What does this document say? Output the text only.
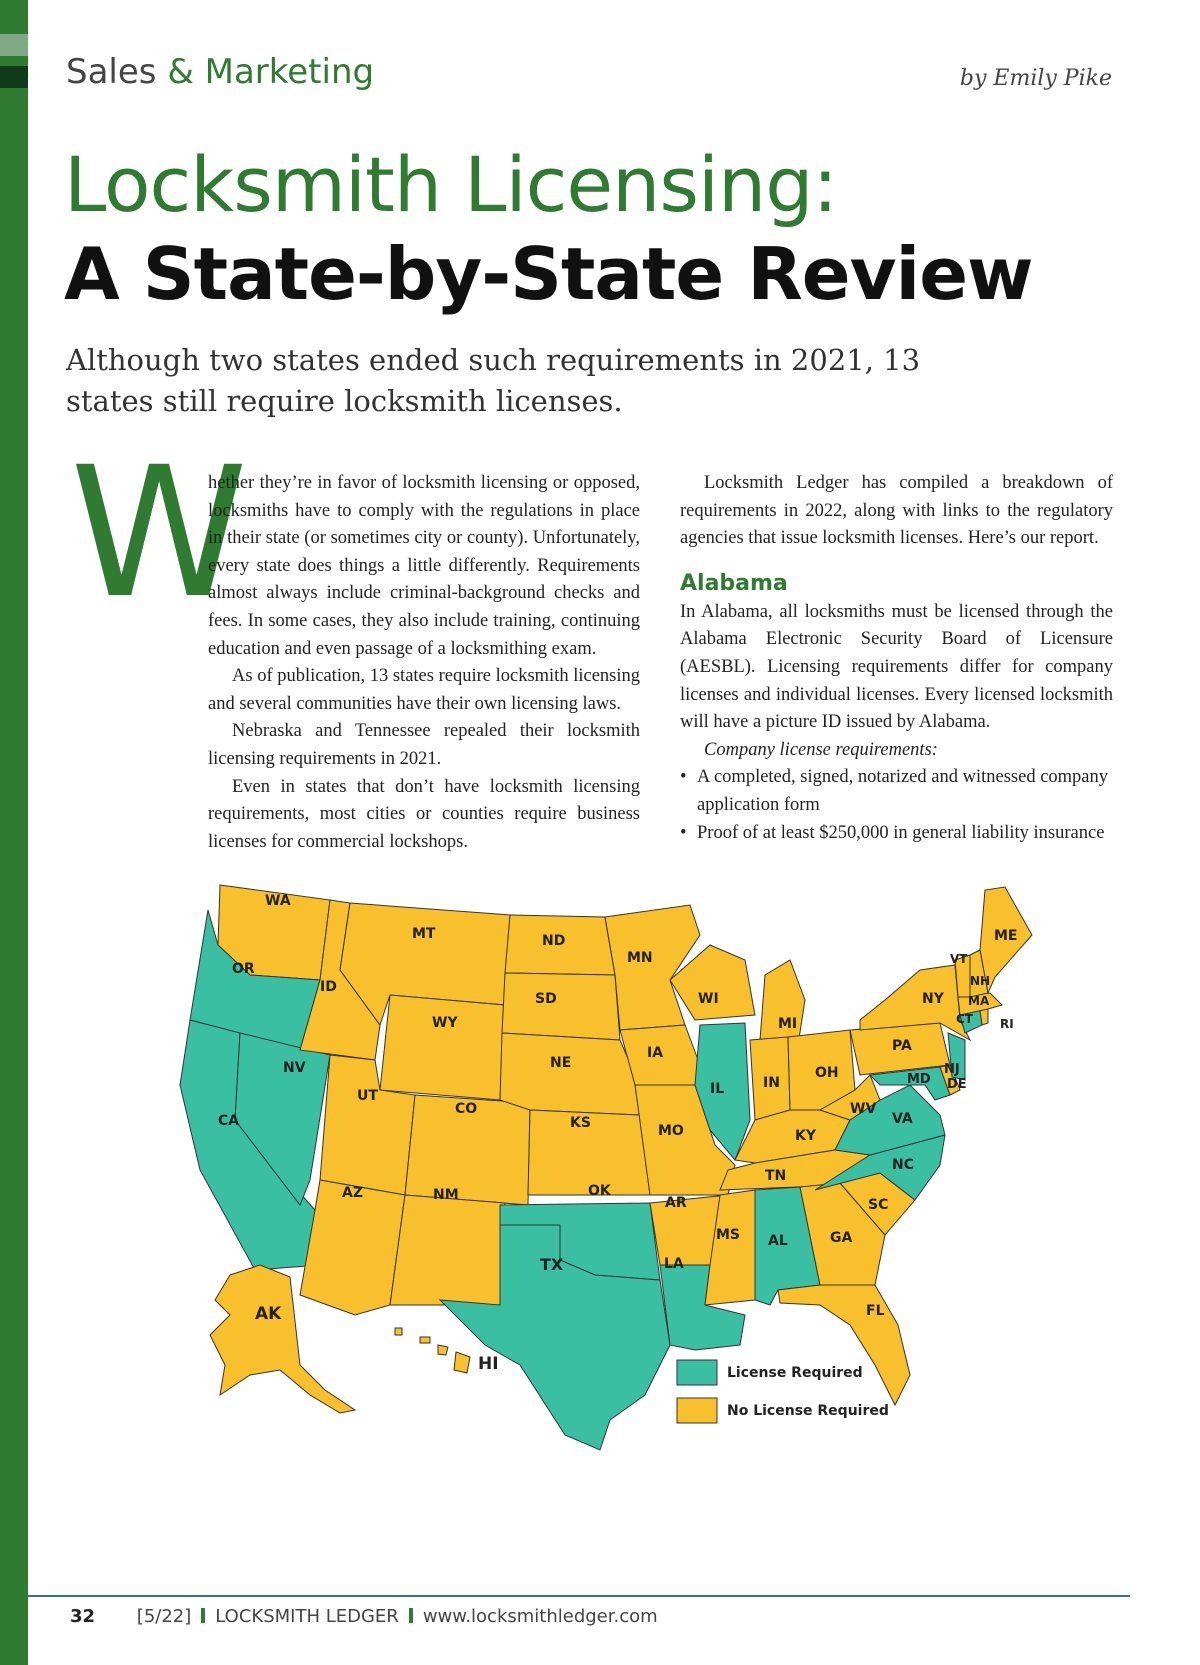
Sales & Marketing	by Emily Pike
Locksmith Licensing:
A State-by-State Review
Although two states ended such requirements in 2021, 13 states still require locksmith licenses.
W

hether they’re in favor of locksmith licensing or opposed, locksmiths have to comply with the regulations in place in their state (or sometimes city or county). Unfortunately, every state does things a little differently. Requirements almost always include criminal-background checks and fees. In some cases, they also include training, continuing education and even passage of a locksmithing exam.

As of publication, 13 states require locksmith licensing and several communities have their own licensing laws.

Nebraska and Tennessee repealed their locksmith licensing requirements in 2021.

Even in states that don’t have locksmith licensing requirements, most cities or counties require business licenses for commercial lockshops.

Locksmith Ledger has compiled a breakdown of requirements in 2022, along with links to the regulatory agencies that issue locksmith licenses. Here’s our report.

Alabama

In Alabama, all locksmiths must be licensed through the Alabama Electronic Security Board of Licensure (AESBL). Licensing requirements differ for company licenses and individual licenses. Every licensed locksmith will have a picture ID issued by Alabama.

Company license requirements:

• A completed, signed, notarized and witnessed company application form
• Proof of at least $250,000 in general liability insurance
WA
OR
CA
NV
ID
MT
WY
UT
CO
AZ	NM
ND
SD
NE
KS
OK
TX
MN
IA
MO
AR
LA
WI
IL
MI
IN
OH
KY
TN
MS AL	GA
FL
SC
NC
VA
WV
PA
NY
MD DE
NJ
CT RI
MA
VT
NH
ME
AK
HI	License Required
No License Required
32 [5/22] LOCKSMITH LEDGER www.locksmithledger.com
